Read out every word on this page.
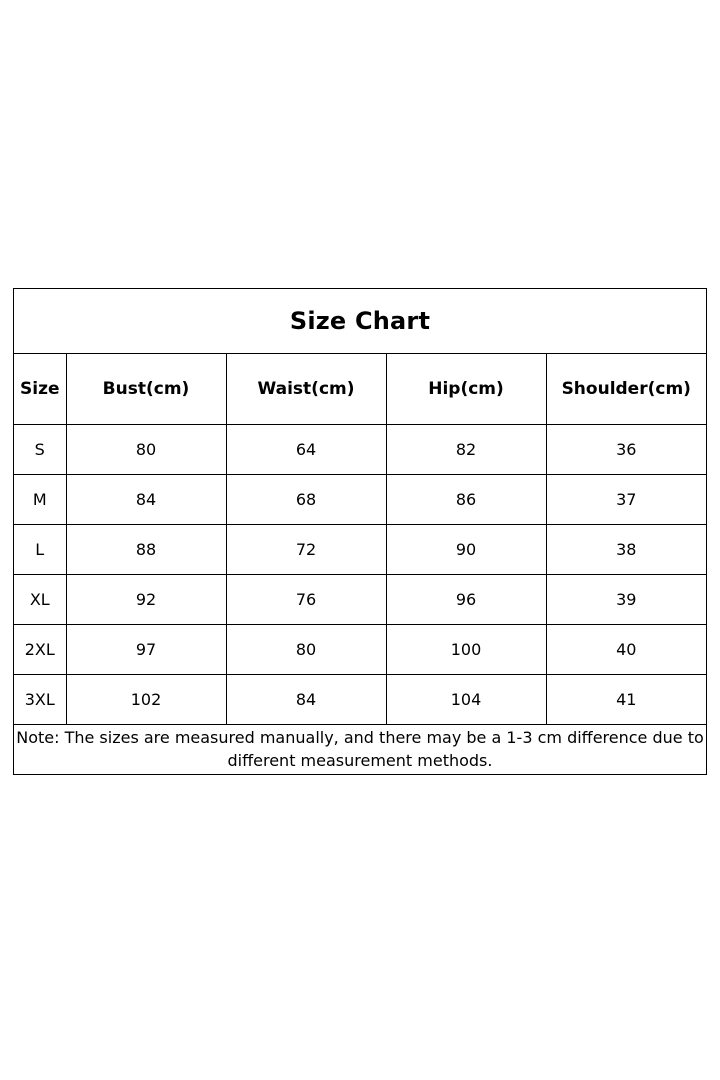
Size Chart
Size	Bust(cm)	Waist(cm)	Hip(cm)	Shoulder(cm)
S	80	64	82	36
M	84	68	86	37
L	88	72	90	38
XL	92	76	96	39
2XL	97	80	100	40
3XL	102	84	104	41
Note: The sizes are measured manually, and there may be a 1-3 cm difference due to different measurement methods.				
